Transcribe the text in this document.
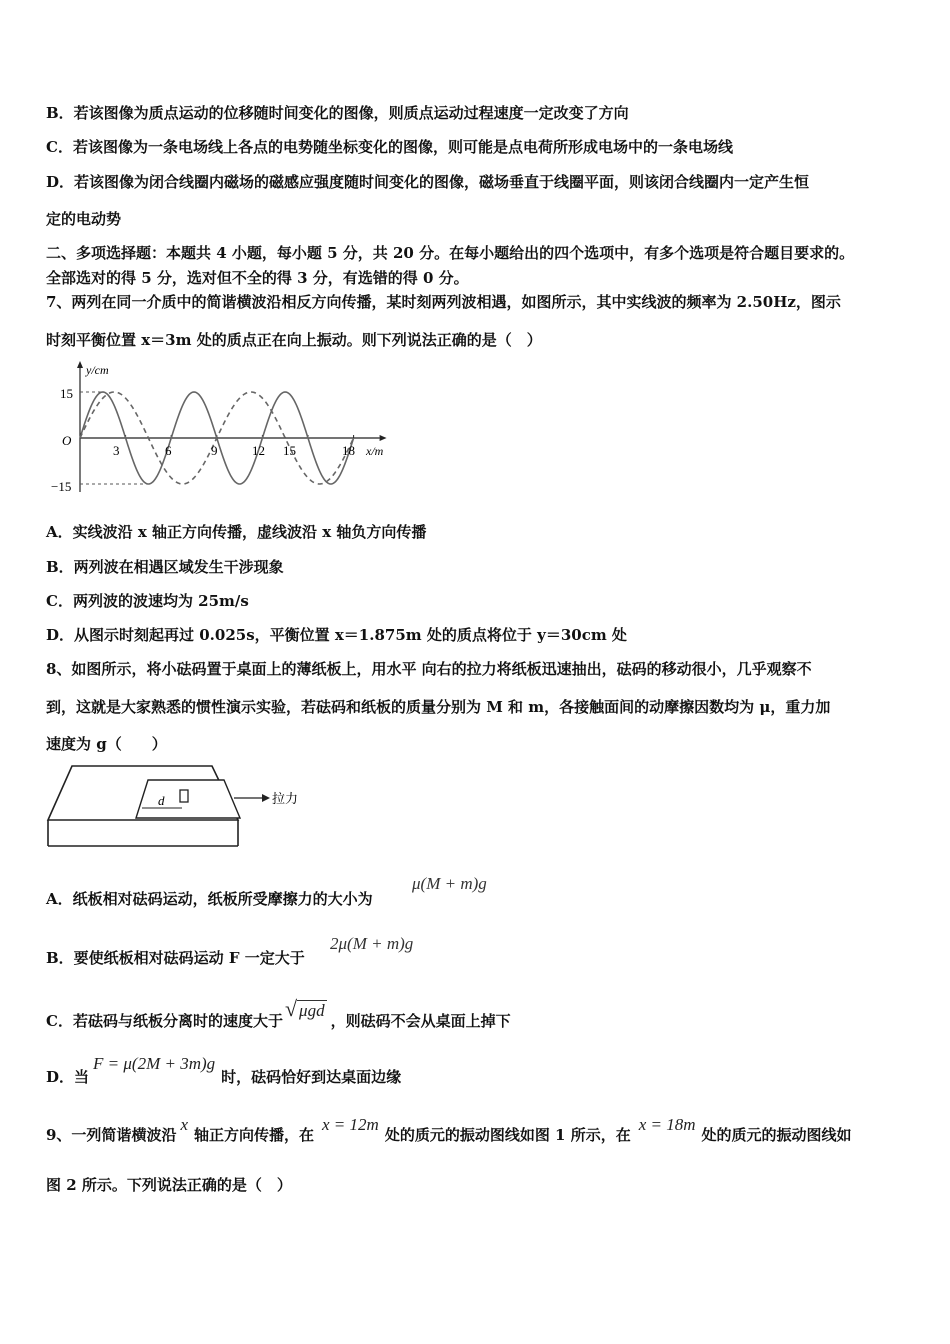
B．若该图像为质点运动的位移随时间变化的图像，则质点运动过程速度一定改变了方向
C．若该图像为一条电场线上各点的电势随坐标变化的图像，则可能是点电荷所形成电场中的一条电场线
D．若该图像为闭合线圈内磁场的磁感应强度随时间变化的图像，磁场垂直于线圈平面，则该闭合线圈内一定产生恒
定的电动势
二、多项选择题：本题共 4 小题，每小题 5 分，共 20 分。在每小题给出的四个选项中，有多个选项是符合题目要求的。
全部选对的得 5 分，选对但不全的得 3 分，有选错的得 0 分。
7、两列在同一介质中的简谐横波沿相反方向传播，某时刻两列波相遇，如图所示，其中实线波的频率为 2.50Hz，图示
时刻平衡位置 x＝3m 处的质点正在向上振动。则下列说法正确的是（　）
y/cm
x/m
O
15
−15
3	6	9	12 15	18
A．实线波沿 x 轴正方向传播，虚线波沿 x 轴负方向传播
B．两列波在相遇区域发生干涉现象
C．两列波的波速均为 25m/s
D．从图示时刻起再过 0.025s，平衡位置 x＝1.875m 处的质点将位于 y＝30cm 处
8、如图所示，将小砝码置于桌面上的薄纸板上，用水平 向右的拉力将纸板迅速抽出，砝码的移动很小，几乎观察不
到，这就是大家熟悉的惯性演示实验，若砝码和纸板的质量分别为 M 和 m，各接触面间的动摩擦因数均为 μ，重力加
速度为 g（　　）
d	拉力
A．纸板相对砝码运动，纸板所受摩擦力的大小为
μ(M + m)g
B．要使纸板相对砝码运动 F 一定大于
2μ(M + m)g
C．若砝码与纸板分离时的速度大于√ μgd，则砝码不会从桌面上掉下
D．当F = μ(2M + 3m)g时，砝码恰好到达桌面边缘
9、一列简谐横波沿x轴正方向传播，在x = 12m处的质元的振动图线如图 1 所示，在x = 18m处的质元的振动图线如
图 2 所示。下列说法正确的是（　）
